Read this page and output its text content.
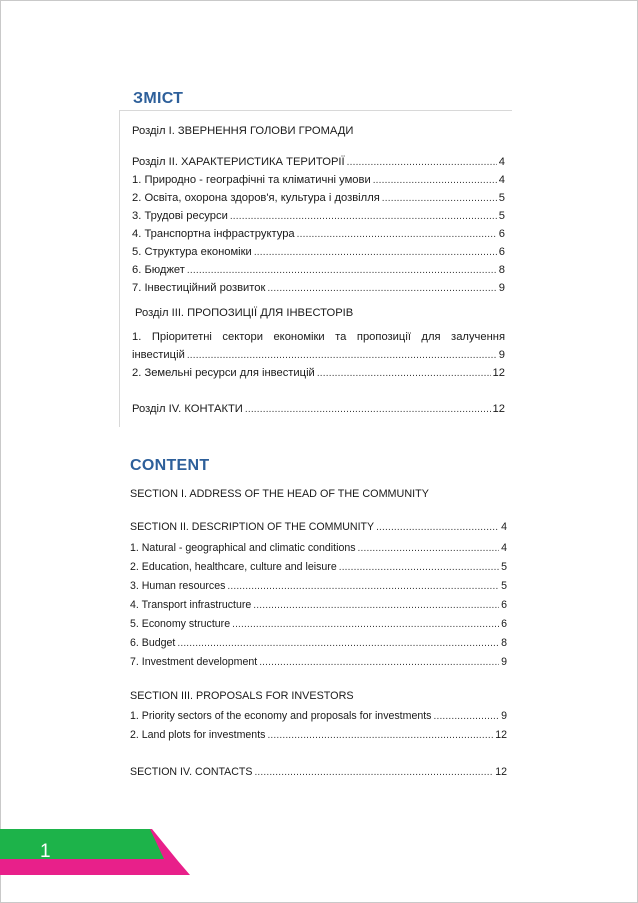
ЗМІСТ
Розділ І. ЗВЕРНЕННЯ ГОЛОВИ ГРОМАДИ
Розділ ІІ. ХАРАКТЕРИСТИКА ТЕРИТОРІЇ .....	4
1. Природно - географічні та кліматичні умови .....	4
2. Освіта, охорона здоров'я, культура і дозвілля .....	5
3. Трудові ресурси .....	5
4. Транспортна інфраструктура .....	6
5. Структура економіки .....	6
6. Бюджет .....	8
7. Інвестиційний розвиток .....	9
Розділ ІІІ. ПРОПОЗИЦІЇ ДЛЯ ІНВЕСТОРІВ
1. Пріоритетні сектори економіки та пропозиції для залучення
інвестицій .....	9
2. Земельні ресурси для інвестицій .....	12
Розділ IV. КОНТАКТИ .....	12
CONTENT
SECTION I. ADDRESS OF THE HEAD OF THE COMMUNITY
SECTION II. DESCRIPTION OF THE COMMUNITY .....	4
1. Natural - geographical and climatic conditions .....	4
2. Education, healthcare, culture and leisure .....	5
3. Human resources .....	5
4. Transport infrastructure .....	6
5. Economy structure .....	6
6. Budget .....	8
7. Investment development .....	9
SECTION III. PROPOSALS FOR INVESTORS
1. Priority sectors of the economy and proposals for investments .....	9
2. Land plots for investments .....	12
SECTION IV. CONTACTS .....	12
1
